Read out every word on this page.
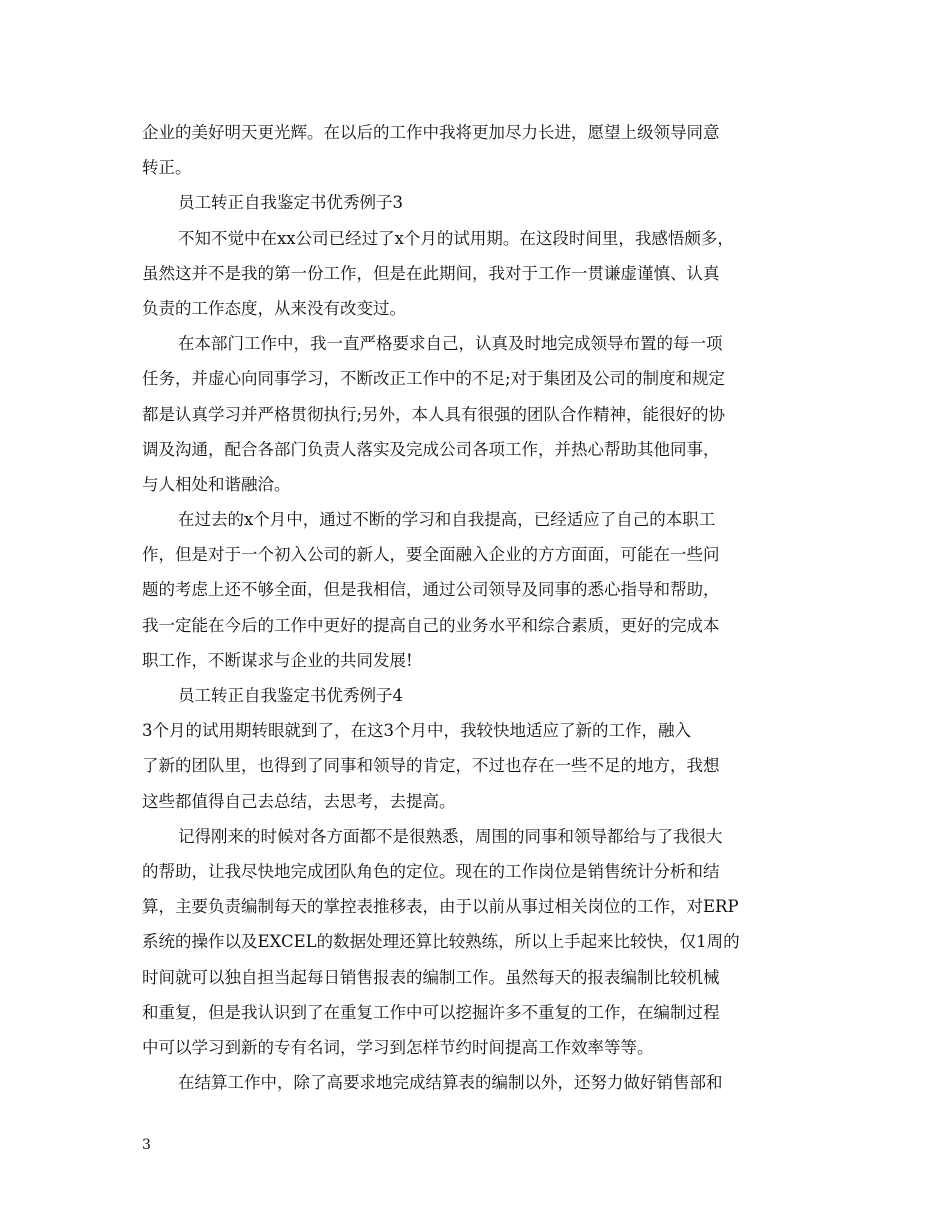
企业的美好明天更光辉。在以后的工作中我将更加尽力长进，愿望上级领导同意
转正。
员工转正自我鉴定书优秀例子3
不知不觉中在xx公司已经过了x个月的试用期。在这段时间里，我感悟颇多，
虽然这并不是我的第一份工作，但是在此期间，我对于工作一贯谦虚谨慎、认真
负责的工作态度，从来没有改变过。
在本部门工作中，我一直严格要求自己，认真及时地完成领导布置的每一项
任务，并虚心向同事学习，不断改正工作中的不足;对于集团及公司的制度和规定
都是认真学习并严格贯彻执行;另外，本人具有很强的团队合作精神，能很好的协
调及沟通，配合各部门负责人落实及完成公司各项工作，并热心帮助其他同事，
与人相处和谐融洽。
在过去的x个月中，通过不断的学习和自我提高，已经适应了自己的本职工
作，但是对于一个初入公司的新人，要全面融入企业的方方面面，可能在一些问
题的考虑上还不够全面，但是我相信，通过公司领导及同事的悉心指导和帮助，
我一定能在今后的工作中更好的提高自己的业务水平和综合素质，更好的完成本
职工作，不断谋求与企业的共同发展!
员工转正自我鉴定书优秀例子4
3个月的试用期转眼就到了，在这3个月中，我较快地适应了新的工作，融入
了新的团队里，也得到了同事和领导的肯定，不过也存在一些不足的地方，我想
这些都值得自己去总结，去思考，去提高。
记得刚来的时候对各方面都不是很熟悉，周围的同事和领导都给与了我很大
的帮助，让我尽快地完成团队角色的定位。现在的工作岗位是销售统计分析和结
算，主要负责编制每天的掌控表推移表，由于以前从事过相关岗位的工作，对ERP
系统的操作以及EXCEL的数据处理还算比较熟练，所以上手起来比较快，仅1周的
时间就可以独自担当起每日销售报表的编制工作。虽然每天的报表编制比较机械
和重复，但是我认识到了在重复工作中可以挖掘许多不重复的工作，在编制过程
中可以学习到新的专有名词，学习到怎样节约时间提高工作效率等等。
在结算工作中，除了高要求地完成结算表的编制以外，还努力做好销售部和
3
